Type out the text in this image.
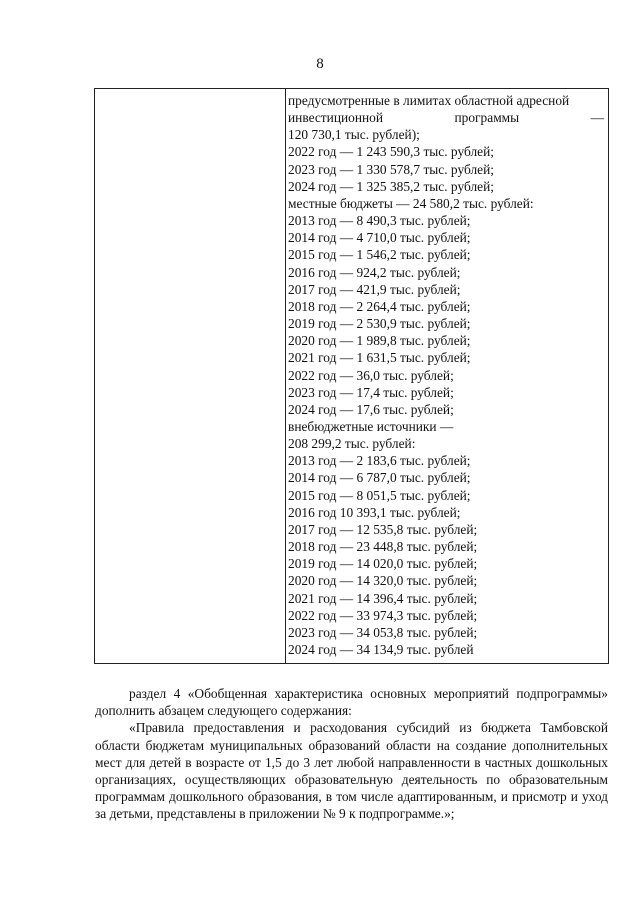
8
предусмотренные в лимитах областной адресной
инвестиционной	программы	—
120 730,1 тыс. рублей);
2022 год — 1 243 590,3 тыс. рублей;
2023 год — 1 330 578,7 тыс. рублей;
2024 год — 1 325 385,2 тыс. рублей;
местные бюджеты — 24 580,2 тыс. рублей:
2013 год — 8 490,3 тыс. рублей;
2014 год — 4 710,0 тыс. рублей;
2015 год — 1 546,2 тыс. рублей;
2016 год — 924,2 тыс. рублей;
2017 год — 421,9 тыс. рублей;
2018 год — 2 264,4 тыс. рублей;
2019 год — 2 530,9 тыс. рублей;
2020 год — 1 989,8 тыс. рублей;
2021 год — 1 631,5 тыс. рублей;
2022 год — 36,0 тыс. рублей;
2023 год — 17,4 тыс. рублей;
2024 год — 17,6 тыс. рублей;
внебюджетные источники —
208 299,2 тыс. рублей:
2013 год — 2 183,6 тыс. рублей;
2014 год — 6 787,0 тыс. рублей;
2015 год — 8 051,5 тыс. рублей;
2016 год 10 393,1 тыс. рублей;
2017 год — 12 535,8 тыс. рублей;
2018 год — 23 448,8 тыс. рублей;
2019 год — 14 020,0 тыс. рублей;
2020 год — 14 320,0 тыс. рублей;
2021 год — 14 396,4 тыс. рублей;
2022 год — 33 974,3 тыс. рублей;
2023 год — 34 053,8 тыс. рублей;
2024 год — 34 134,9 тыс. рублей

раздел 4 «Обобщенная характеристика основных мероприятий подпрограммы» дополнить абзацем следующего содержания:

«Правила предоставления и расходования субсидий из бюджета Тамбовской области бюджетам муниципальных образований области на создание дополнительных мест для детей в возрасте от 1,5 до 3 лет любой направленности в частных дошкольных организациях, осуществляющих образовательную деятельность по образовательным программам дошкольного образования, в том числе адаптированным, и присмотр и уход за детьми, представлены в приложении № 9 к подпрограмме.»;
